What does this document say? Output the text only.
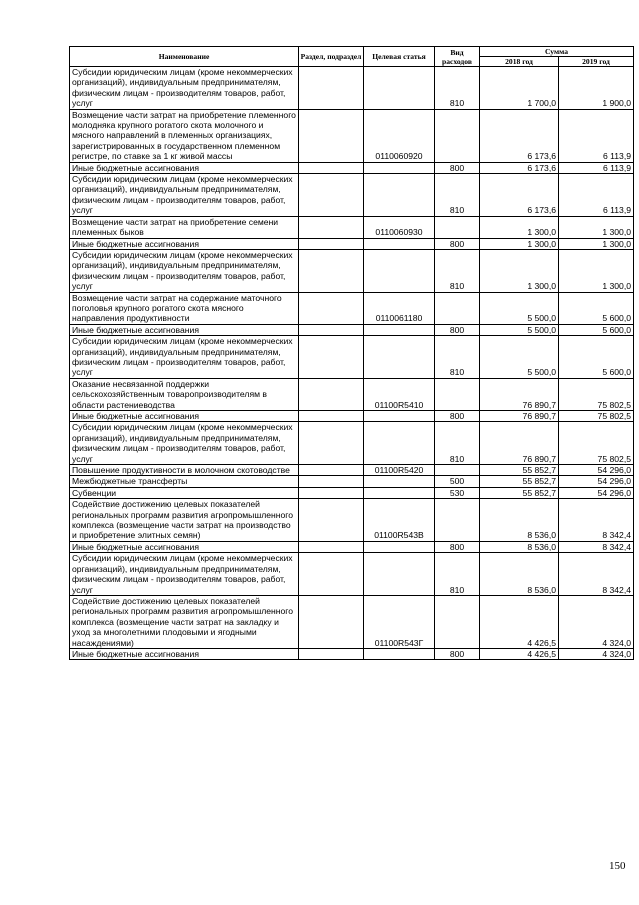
Наименование	Раздел, подраздел	Целевая статья	Вид расходов	Сумма	
				2018 год	2019 год
Субсидии юридическим лицам (кроме некоммерческих организаций), индивидуальным предпринимателям, физическим лицам - производителям товаров, работ, услуг			810	1 700,0	1 900,0
Возмещение части затрат на приобретение племенного молодняка крупного рогатого скота молочного и мясного направлений в племенных организациях, зарегистрированных в государственном племенном регистре, по ставке за 1 кг живой массы		0110060920		6 173,6	6 113,9
Иные бюджетные ассигнования			800	6 173,6	6 113,9
Субсидии юридическим лицам (кроме некоммерческих организаций), индивидуальным предпринимателям, физическим лицам - производителям товаров, работ, услуг			810	6 173,6	6 113,9
Возмещение части затрат на приобретение семени племенных быков		0110060930		1 300,0	1 300,0
Иные бюджетные ассигнования			800	1 300,0	1 300,0
Субсидии юридическим лицам (кроме некоммерческих организаций), индивидуальным предпринимателям, физическим лицам - производителям товаров, работ, услуг			810	1 300,0	1 300,0
Возмещение части затрат на содержание маточного поголовья крупного рогатого скота мясного направления продуктивности		0110061180		5 500,0	5 600,0
Иные бюджетные ассигнования			800	5 500,0	5 600,0
Субсидии юридическим лицам (кроме некоммерческих организаций), индивидуальным предпринимателям, физическим лицам - производителям товаров, работ, услуг			810	5 500,0	5 600,0
Оказание несвязанной поддержки сельскохозяйственным товаропроизводителям в области растениеводства		01100R5410		76 890,7	75 802,5
Иные бюджетные ассигнования			800	76 890,7	75 802,5
Субсидии юридическим лицам (кроме некоммерческих организаций), индивидуальным предпринимателям, физическим лицам - производителям товаров, работ, услуг			810	76 890,7	75 802,5
Повышение продуктивности в молочном скотоводстве		01100R5420		55 852,7	54 296,0
Межбюджетные трансферты			500	55 852,7	54 296,0
Субвенции			530	55 852,7	54 296,0
Содействие достижению целевых показателей региональных программ развития агропромышленного комплекса (возмещение части затрат на производство и приобретение элитных семян)		01100R543В		8 536,0	8 342,4
Иные бюджетные ассигнования			800	8 536,0	8 342,4
Субсидии юридическим лицам (кроме некоммерческих организаций), индивидуальным предпринимателям, физическим лицам - производителям товаров, работ, услуг			810	8 536,0	8 342,4
Содействие достижению целевых показателей региональных программ развития агропромышленного комплекса (возмещение части затрат на закладку и уход за многолетними плодовыми и ягодными насаждениями)		01100R543Г		4 426,5	4 324,0
Иные бюджетные ассигнования			800	4 426,5	4 324,0
150
